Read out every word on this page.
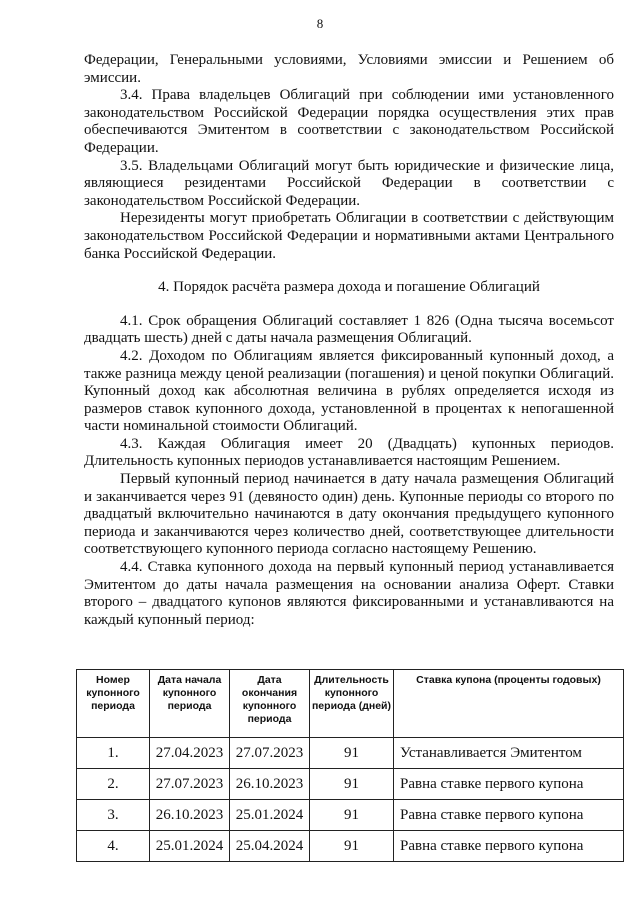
8

Федерации, Генеральными условиями, Условиями эмиссии и Решением об эмиссии.

3.4. Права владельцев Облигаций при соблюдении ими установленного законодательством Российской Федерации порядка осуществления этих прав обеспечиваются Эмитентом в соответствии с законодательством Российской Федерации.

3.5. Владельцами Облигаций могут быть юридические и физические лица, являющиеся резидентами Российской Федерации в соответствии с законодательством Российской Федерации.

Нерезиденты могут приобретать Облигации в соответствии с действующим законодательством Российской Федерации и нормативными актами Центрального банка Российской Федерации.

4. Порядок расчёта размера дохода и погашение Облигаций

4.1. Срок обращения Облигаций составляет 1 826 (Одна тысяча восемьсот двадцать шесть) дней с даты начала размещения Облигаций.

4.2. Доходом по Облигациям является фиксированный купонный доход, а также разница между ценой реализации (погашения) и ценой покупки Облигаций. Купонный доход как абсолютная величина в рублях определяется исходя из размеров ставок купонного дохода, установленной в процентах к непогашенной части номинальной стоимости Облигаций.

4.3. Каждая Облигация имеет 20 (Двадцать) купонных периодов. Длительность купонных периодов устанавливается настоящим Решением.

Первый купонный период начинается в дату начала размещения Облигаций и заканчивается через 91 (девяносто один) день. Купонные периоды со второго по двадцатый включительно начинаются в дату окончания предыдущего купонного периода и заканчиваются через количество дней, соответствующее длительности соответствующего купонного периода согласно настоящему Решению.

4.4. Ставка купонного дохода на первый купонный период устанавливается Эмитентом до даты начала размещения на основании анализа Оферт. Ставки второго – двадцатого купонов являются фиксированными и устанавливаются на каждый купонный период:

Номер купонного периода	Дата начала купонного периода	Дата окончания купонного периода	Длительность купонного периода (дней)	Ставка купона (проценты годовых)
1.	27.04.2023	27.07.2023	91	Устанавливается Эмитентом
2.	27.07.2023	26.10.2023	91	Равна ставке первого купона
3.	26.10.2023	25.01.2024	91	Равна ставке первого купона
4.	25.01.2024	25.04.2024	91	Равна ставке первого купона
